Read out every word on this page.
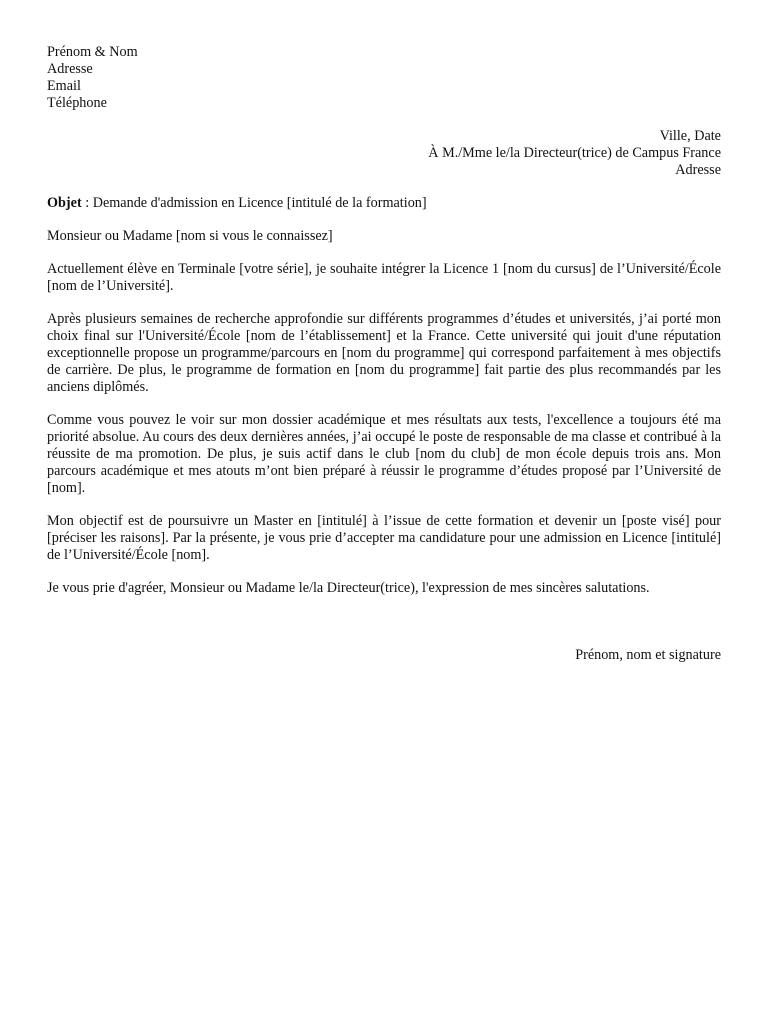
Prénom & Nom

Adresse

Email

Téléphone

Ville, Date

À M./Mme le/la Directeur(trice) de Campus France

Adresse

Objet : Demande d'admission en Licence [intitulé de la formation]

Monsieur ou Madame [nom si vous le connaissez]

Actuellement élève en Terminale [votre série], je souhaite intégrer la Licence 1 [nom du cursus] de l’Université/École [nom de l’Université].

Après plusieurs semaines de recherche approfondie sur différents programmes d’études et universités, j’ai porté mon choix final sur l'Université/École [nom de l’établissement] et la France. Cette université qui jouit d'une réputation exceptionnelle propose un programme/parcours en [nom du programme] qui correspond parfaitement à mes objectifs de carrière. De plus, le programme de formation en [nom du programme] fait partie des plus recommandés par les anciens diplômés.

Comme vous pouvez le voir sur mon dossier académique et mes résultats aux tests, l'excellence a toujours été ma priorité absolue. Au cours des deux dernières années, j’ai occupé le poste de responsable de ma classe et contribué à la réussite de ma promotion. De plus, je suis actif dans le club [nom du club] de mon école depuis trois ans. Mon parcours académique et mes atouts m’ont bien préparé à réussir le programme d’études proposé par l’Université de [nom].

Mon objectif est de poursuivre un Master en [intitulé] à l’issue de cette formation et devenir un [poste visé] pour [préciser les raisons]. Par la présente, je vous prie d’accepter ma candidature pour une admission en Licence [intitulé] de l’Université/École [nom].

Je vous prie d'agréer, Monsieur ou Madame le/la Directeur(trice), l'expression de mes sincères salutations.

Prénom, nom et signature
